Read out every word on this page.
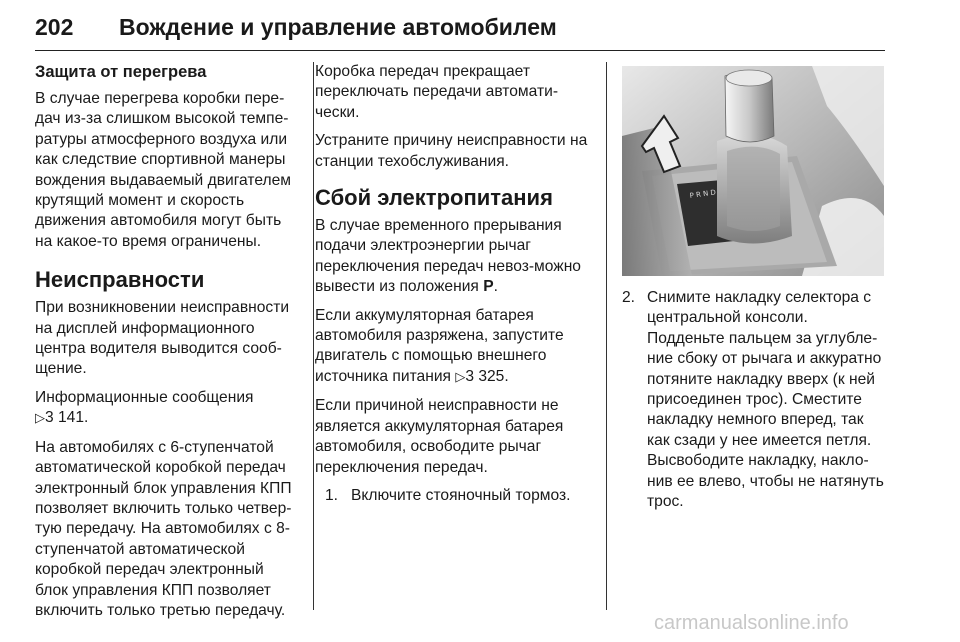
202 Вождение и управление автомобилем
Защита от перегрева

В случае перегрева коробки пере-дач из-за слишком высокой темпе-ратуры атмосферного воздуха или как следствие спортивной манеры вождения выдаваемый двигателем крутящий момент и скорость движения автомобиля могут быть на какое-то время ограничены.

Неисправности

При возникновении неисправности на дисплей информационного центра водителя выводится сооб-щение.

Информационные сообщения
▷3 141.

На автомобилях с 6-ступенчатой автоматической коробкой передач электронный блок управления КПП позволяет включить только четвер-тую передачу. На автомобилях с 8-ступенчатой автоматической коробкой передач электронный блок управления КПП позволяет включить только третью передачу.

Коробка передач прекращает переключать передачи автомати-чески.

Устраните причину неисправности на станции техобслуживания.

Сбой электропитания

В случае временного прерывания подачи электроэнергии рычаг переключения передач невоз-можно вывести из положения P.

Если аккумуляторная батарея автомобиля разряжена, запустите двигатель с помощью внешнего источника питания ▷3 325.

Если причиной неисправности не является аккумуляторная батарея автомобиля, освободите рычаг переключения передач.

1. Включите стояночный тормоз.
P R N D
2. Снимите накладку селектора с центральной консоли. Подденьте пальцем за углубле-ние сбоку от рычага и аккуратно потяните накладку вверх (к ней присоединен трос). Сместите накладку немного вперед, так как сзади у нее имеется петля. Высвободите накладку, накло-нив ее влево, чтобы не натянуть трос.
carmanualsonline.info
